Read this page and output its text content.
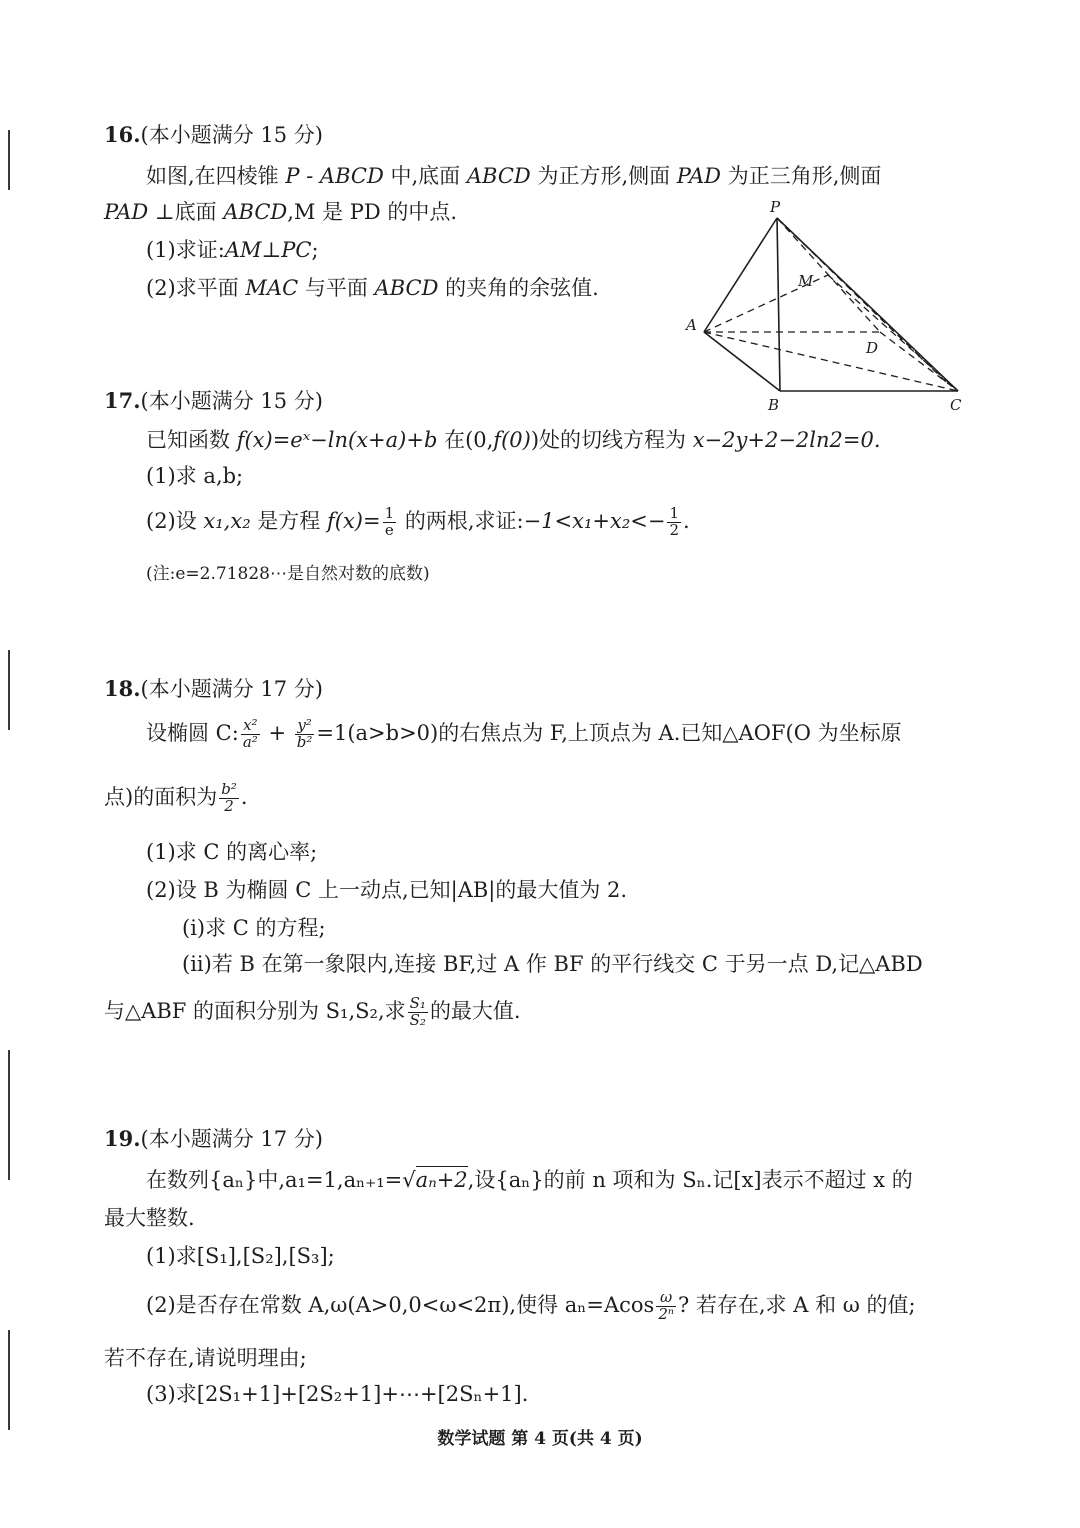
16.(本小题满分 15 分)
如图,在四棱锥 P - ABCD 中,底面 ABCD 为正方形,侧面 PAD 为正三角形,侧面
PAD ⊥底面 ABCD,M 是 PD 的中点.
(1)求证:AM⊥PC;
(2)求平面 MAC 与平面 ABCD 的夹角的余弦值.
P
M
A
D
B	C
17.(本小题满分 15 分)
已知函数 f(x)=eˣ−ln(x+a)+b 在(0,f(0))处的切线方程为 x−2y+2−2ln2=0.
(1)求 a,b;
(2)设 x₁,x₂ 是方程 $f(x)= \frac{1}{e}$ 的两根,求证:−1<x₁+x₂<− $\frac{1}{2}$ .
(注:e=2.71828⋯是自然对数的底数)
18.(本小题满分 17 分)
设椭圆 C: $\frac{\text{x²}}{\text{a²}} + \frac{\text{y²}}{\text{b²}} =1(a>b>0)$的右焦点为 F,上顶点为 A.已知△AOF(O 为坐标原
点)的面积为 $\frac{\text{b²}}{2}$ .
(1)求 C 的离心率;
(2)设 B 为椭圆 C 上一动点,已知|AB|的最大值为 2.
(i)求 C 的方程;
(ii)若 B 在第一象限内,连接 BF,过 A 作 BF 的平行线交 C 于另一点 D,记△ABD
与△ABF 的面积分别为 S₁,S₂,求 $\frac{\text{S₁}}{\text{S₂}}$ 的最大值.
19.(本小题满分 17 分)
在数列{aₙ}中,a₁=1,aₙ₊₁=√aₙ+2,设{aₙ}的前 n 项和为 Sₙ.记[x]表示不超过 x 的
最大整数.
(1)求[S₁],[S₂],[S₃];
(2)是否存在常数 A,ω(A>0,0<ω<2π),使得 $a_n=Acos \frac{\omega}{\text{2ⁿ}}$ ? 若存在,求 A 和 ω 的值;
若不存在,请说明理由;
(3)求[2S₁+1]+[2S₂+1]+⋯+[2Sₙ+1].
数学试题 第 4 页(共 4 页)
